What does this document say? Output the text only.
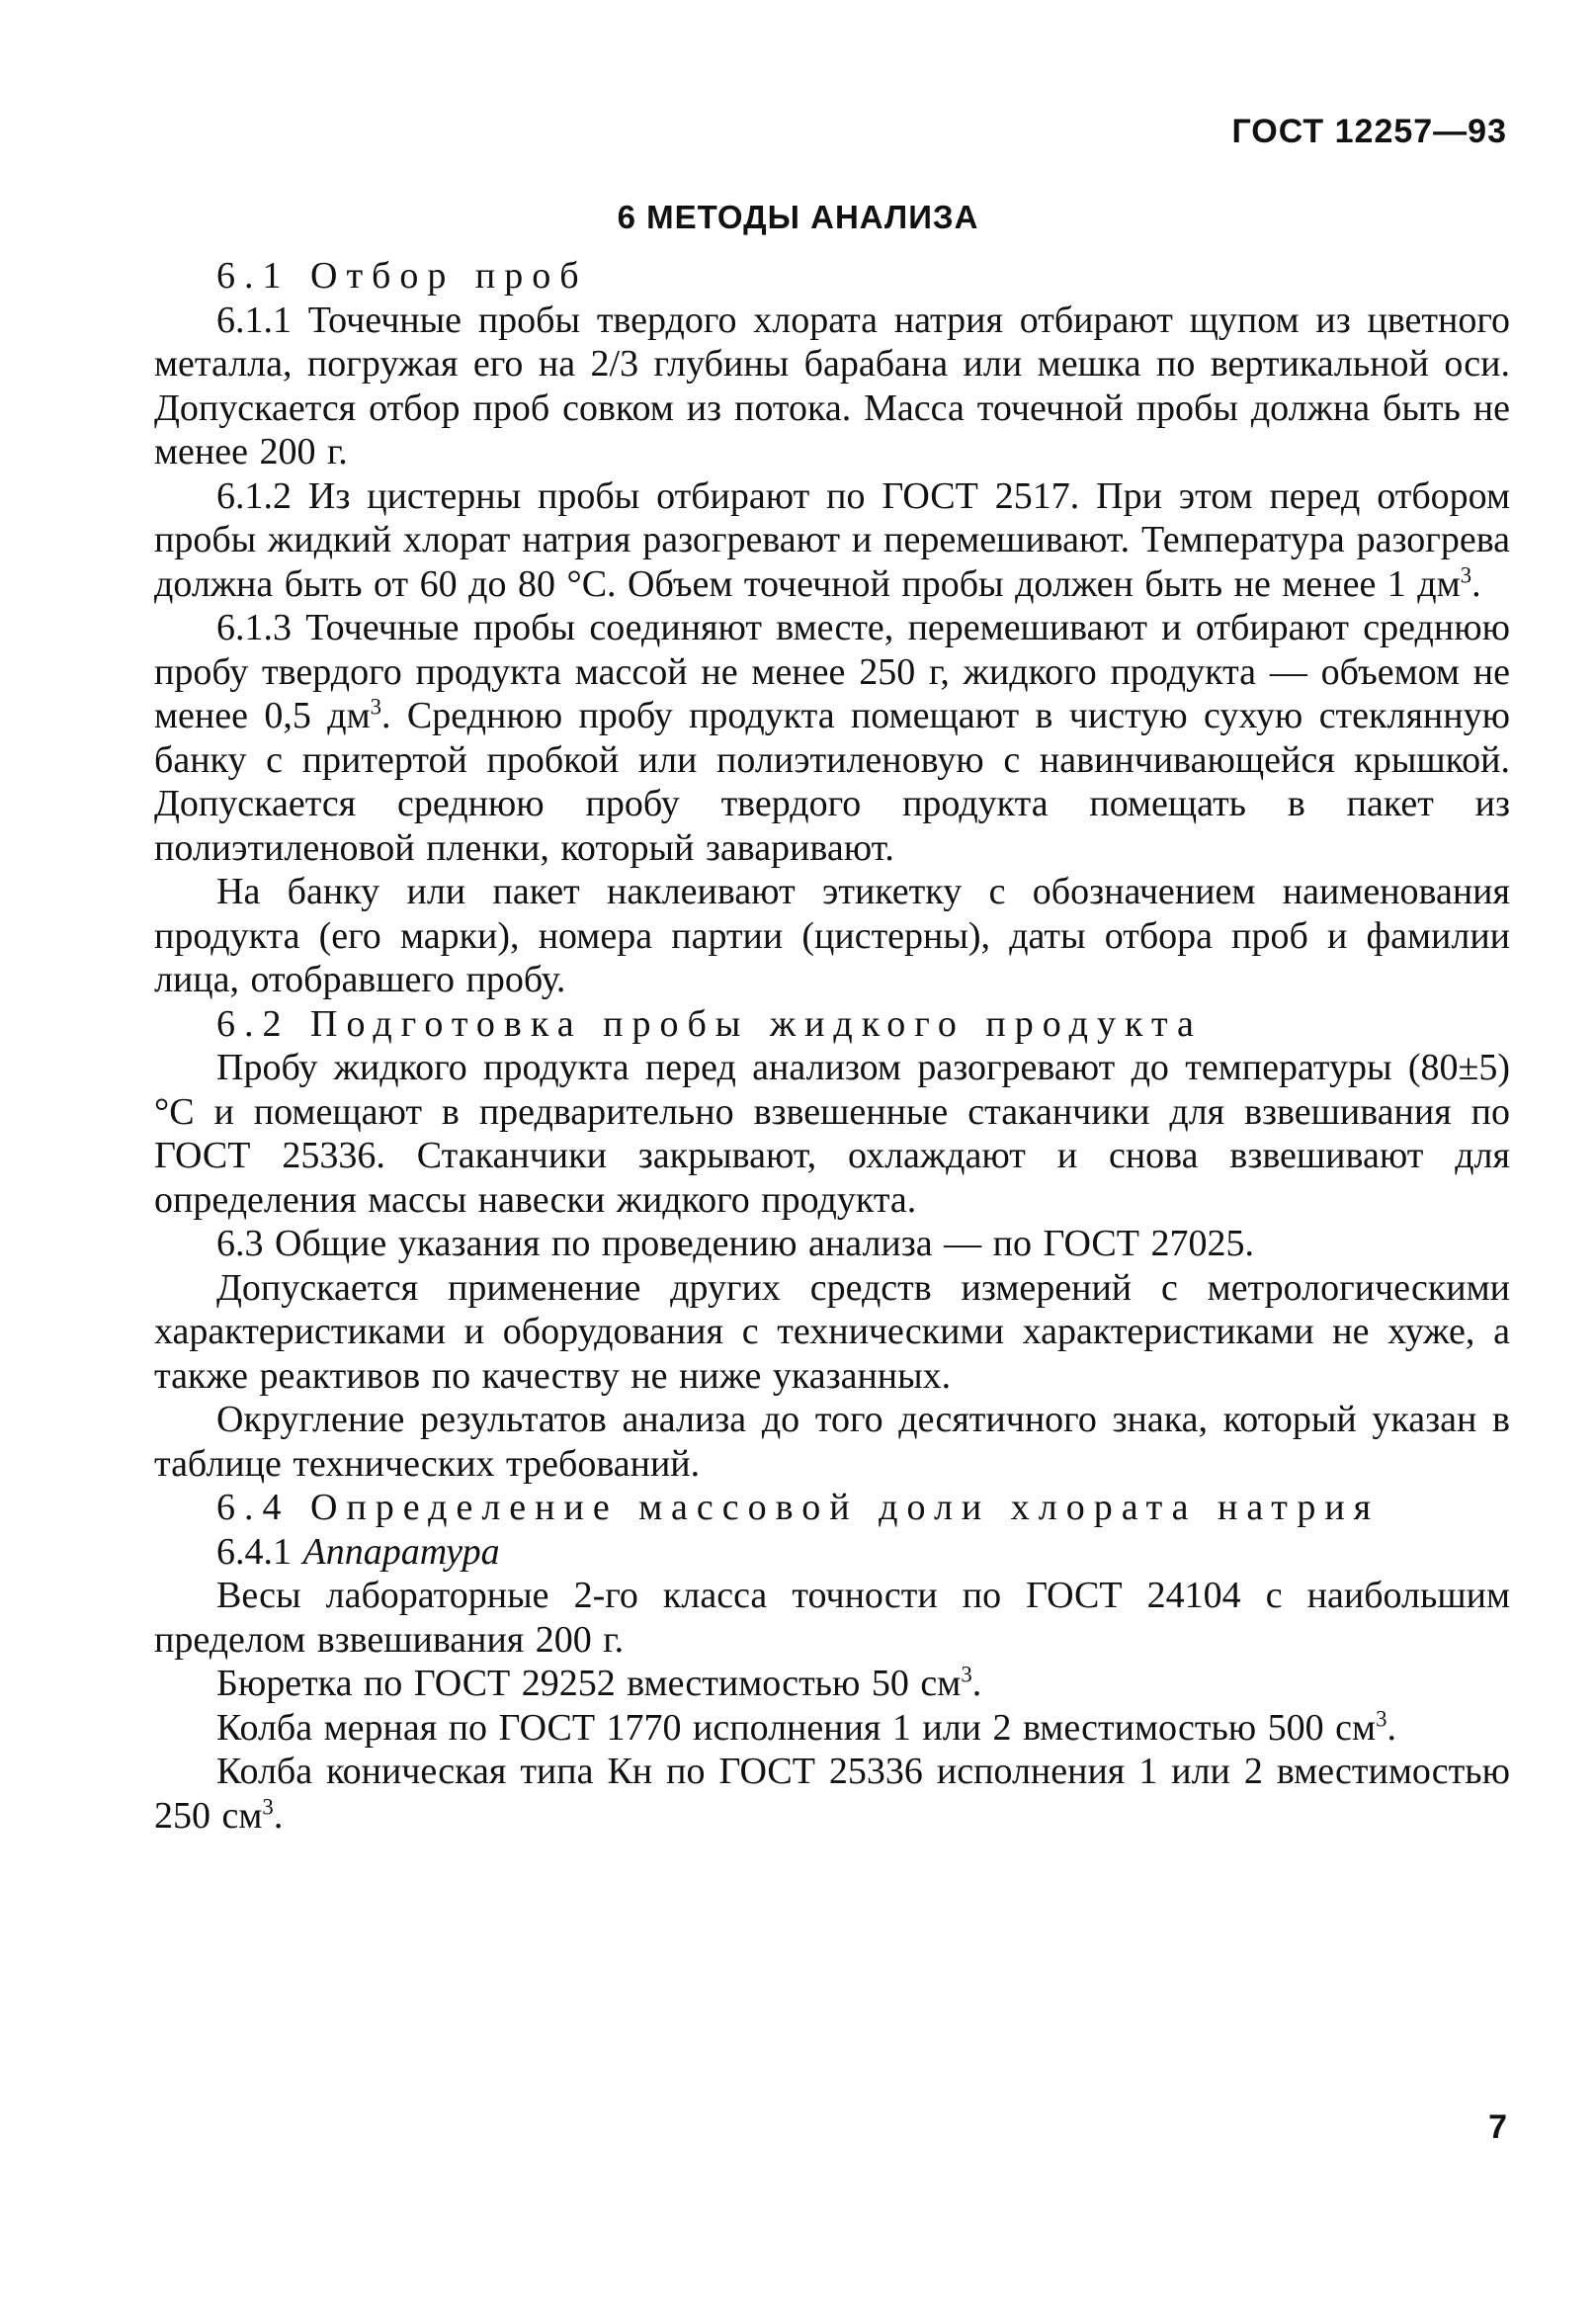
ГОСТ 12257—93
6 МЕТОДЫ АНАЛИЗА

6.1 Отбор проб

6.1.1 Точечные пробы твердого хлората натрия отбирают щупом из цветного металла, погружая его на 2/3 глубины барабана или мешка по вертикальной оси. Допускается отбор проб совком из потока. Масса точечной пробы должна быть не менее 200 г.

6.1.2 Из цистерны пробы отбирают по ГОСТ 2517. При этом перед отбором пробы жидкий хлорат натрия разогревают и перемешивают. Температура разогрева должна быть от 60 до 80 °С. Объем точечной пробы должен быть не менее 1 $дм^3$.

6.1.3 Точечные пробы соединяют вместе, перемешивают и отбирают среднюю пробу твердого продукта массой не менее 250 г, жидкого продукта — объемом не менее 0,5 $дм^3$. Среднюю пробу продукта помещают в чистую сухую стеклянную банку с притертой пробкой или полиэтиленовую с навинчивающейся крышкой. Допускается среднюю пробу твердого продукта помещать в пакет из полиэтиленовой пленки, который заваривают.

На банку или пакет наклеивают этикетку с обозначением наименования продукта (его марки), номера партии (цистерны), даты отбора проб и фамилии лица, отобравшего пробу.

6.2 Подготовка пробы жидкого продукта

Пробу жидкого продукта перед анализом разогревают до температуры (80±5) °С и помещают в предварительно взвешенные стаканчики для взвешивания по ГОСТ 25336. Стаканчики закрывают, охлаждают и снова взвешивают для определения массы навески жидкого продукта.

6.3 Общие указания по проведению анализа — по ГОСТ 27025.

Допускается применение других средств измерений с метрологическими характеристиками и оборудования с техническими характеристиками не хуже, а также реактивов по качеству не ниже указанных.

Округление результатов анализа до того десятичного знака, который указан в таблице технических требований.

6.4 Определение массовой доли хлората натрия

6.4.1 Аппаратура

Весы лабораторные 2-го класса точности по ГОСТ 24104 с наибольшим пределом взвешивания 200 г.

Бюретка по ГОСТ 29252 вместимостью 50 $см^3$.

Колба мерная по ГОСТ 1770 исполнения 1 или 2 вместимостью 500 $см^3$.

Колба коническая типа Кн по ГОСТ 25336 исполнения 1 или 2 вместимостью 250 $см^3$.

7
